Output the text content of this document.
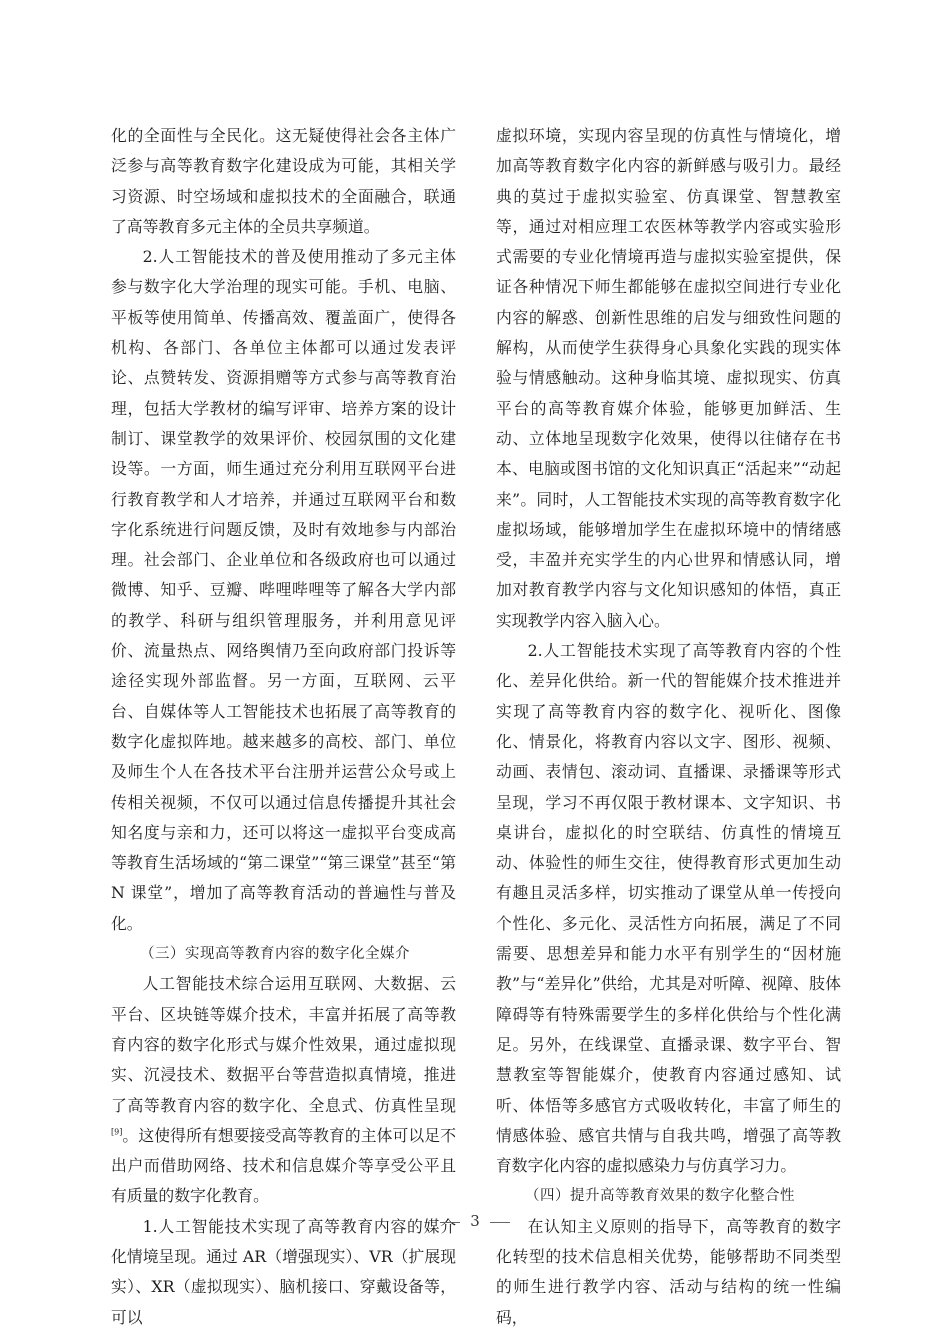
化的全面性与全民化。这无疑使得社会各主体广泛参与高等教育数字化建设成为可能，其相关学习资源、时空场域和虚拟技术的全面融合，联通了高等教育多元主体的全员共享频道。

2.人工智能技术的普及使用推动了多元主体参与数字化大学治理的现实可能。手机、电脑、平板等使用简单、传播高效、覆盖面广，使得各机构、各部门、各单位主体都可以通过发表评论、点赞转发、资源捐赠等方式参与高等教育治理，包括大学教材的编写评审、培养方案的设计制订、课堂教学的效果评价、校园氛围的文化建设等。一方面，师生通过充分利用互联网平台进行教育教学和人才培养，并通过互联网平台和数字化系统进行问题反馈，及时有效地参与内部治理。社会部门、企业单位和各级政府也可以通过微博、知乎、豆瓣、哔哩哔哩等了解各大学内部的教学、科研与组织管理服务，并利用意见评价、流量热点、网络舆情乃至向政府部门投诉等途径实现外部监督。另一方面，互联网、云平台、自媒体等人工智能技术也拓展了高等教育的数字化虚拟阵地。越来越多的高校、部门、单位及师生个人在各技术平台注册并运营公众号或上传相关视频，不仅可以通过信息传播提升其社会知名度与亲和力，还可以将这一虚拟平台变成高等教育生活场域的“第二课堂”“第三课堂”甚至“第 N 课堂”，增加了高等教育活动的普遍性与普及化。

（三）实现高等教育内容的数字化全媒介

人工智能技术综合运用互联网、大数据、云平台、区块链等媒介技术，丰富并拓展了高等教育内容的数字化形式与媒介性效果，通过虚拟现实、沉浸技术、数据平台等营造拟真情境，推进了高等教育内容的数字化、全息式、仿真性呈现[9]。这使得所有想要接受高等教育的主体可以足不出户而借助网络、技术和信息媒介等享受公平且有质量的数字化教育。

1.人工智能技术实现了高等教育内容的媒介化情境呈现。通过 AR（增强现实）、VR（扩展现实）、XR（虚拟现实）、脑机接口、穿戴设备等，可以

虚拟环境，实现内容呈现的仿真性与情境化，增加高等教育数字化内容的新鲜感与吸引力。最经典的莫过于虚拟实验室、仿真课堂、智慧教室等，通过对相应理工农医林等教学内容或实验形式需要的专业化情境再造与虚拟实验室提供，保证各种情况下师生都能够在虚拟空间进行专业化内容的解惑、创新性思维的启发与细致性问题的解构，从而使学生获得身心具象化实践的现实体验与情感触动。这种身临其境、虚拟现实、仿真平台的高等教育媒介体验，能够更加鲜活、生动、立体地呈现数字化效果，使得以往储存在书本、电脑或图书馆的文化知识真正“活起来”“动起来”。同时，人工智能技术实现的高等教育数字化虚拟场域，能够增加学生在虚拟环境中的情绪感受，丰盈并充实学生的内心世界和情感认同，增加对教育教学内容与文化知识感知的体悟，真正实现教学内容入脑入心。

2.人工智能技术实现了高等教育内容的个性化、差异化供给。新一代的智能媒介技术推进并实现了高等教育内容的数字化、视听化、图像化、情景化，将教育内容以文字、图形、视频、动画、表情包、滚动词、直播课、录播课等形式呈现，学习不再仅限于教材课本、文字知识、书桌讲台，虚拟化的时空联结、仿真性的情境互动、体验性的师生交往，使得教育形式更加生动有趣且灵活多样，切实推动了课堂从单一传授向个性化、多元化、灵活性方向拓展，满足了不同需要、思想差异和能力水平有别学生的“因材施教”与“差异化”供给，尤其是对听障、视障、肢体障碍等有特殊需要学生的多样化供给与个性化满足。另外，在线课堂、直播录课、数字平台、智慧教室等智能媒介，使教育内容通过感知、试听、体悟等多感官方式吸收转化，丰富了师生的情感体验、感官共情与自我共鸣，增强了高等教育数字化内容的虚拟感染力与仿真学习力。

（四）提升高等教育效果的数字化整合性

在认知主义原则的指导下，高等教育的数字化转型的技术信息相关优势，能够帮助不同类型的师生进行教学内容、活动与结构的统一性编码，

3
